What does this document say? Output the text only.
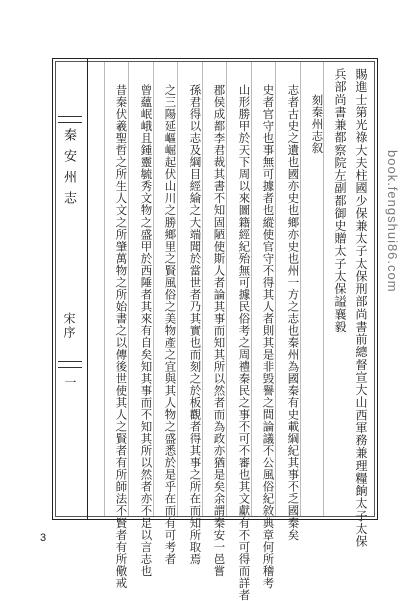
秦安州志
宋序
一	賜進士第光祿大夫柱國少保兼太子太保刑部尚書前總督宣大山西軍務兼理糧餉太子太保
兵部尚書兼都察院左副都御史贈太子太保謚襄毅
刻秦州志叙
志者古史之遺也國亦史也鄉亦史也州一方之志也秦州為國秦有史載綱紀其事不乏國秦矣
史者官守也事無可據者也縱使官守不得其人者則其是非毁譽之間論議不公風俗紀敘典章何所稽考
山形勝甲於天下周以來圖籍經紀殆無可據民俗考之周禮秦民之事不可不審也其文獻有不可得而詳者
郡侯成都李君裁其書不知固陋使斯人者論其事而知其所以然者而為政亦猶是矣余謂秦安一邑嘗
孫君得以志及綱目經綸之大端聞於當世者乃其實也而刻之於板觀者得其事之所在而知所取焉
之三陽延嶇崛起伏山川之勝鄉里之賢風俗之美物產之宜與其人物之盛悉於是乎在而有可考者
曾蘊岷峨且鍾靈毓秀文物之盛甲於西陲者其來有自矣知其事而不知其所以然者亦不足以言志也
昔秦伏羲聖哲之所生人文之所肇萬物之所始書之以傳後世使其人之賢者有所師法不賢者有所儆戒
3
book.fengshui86.com
